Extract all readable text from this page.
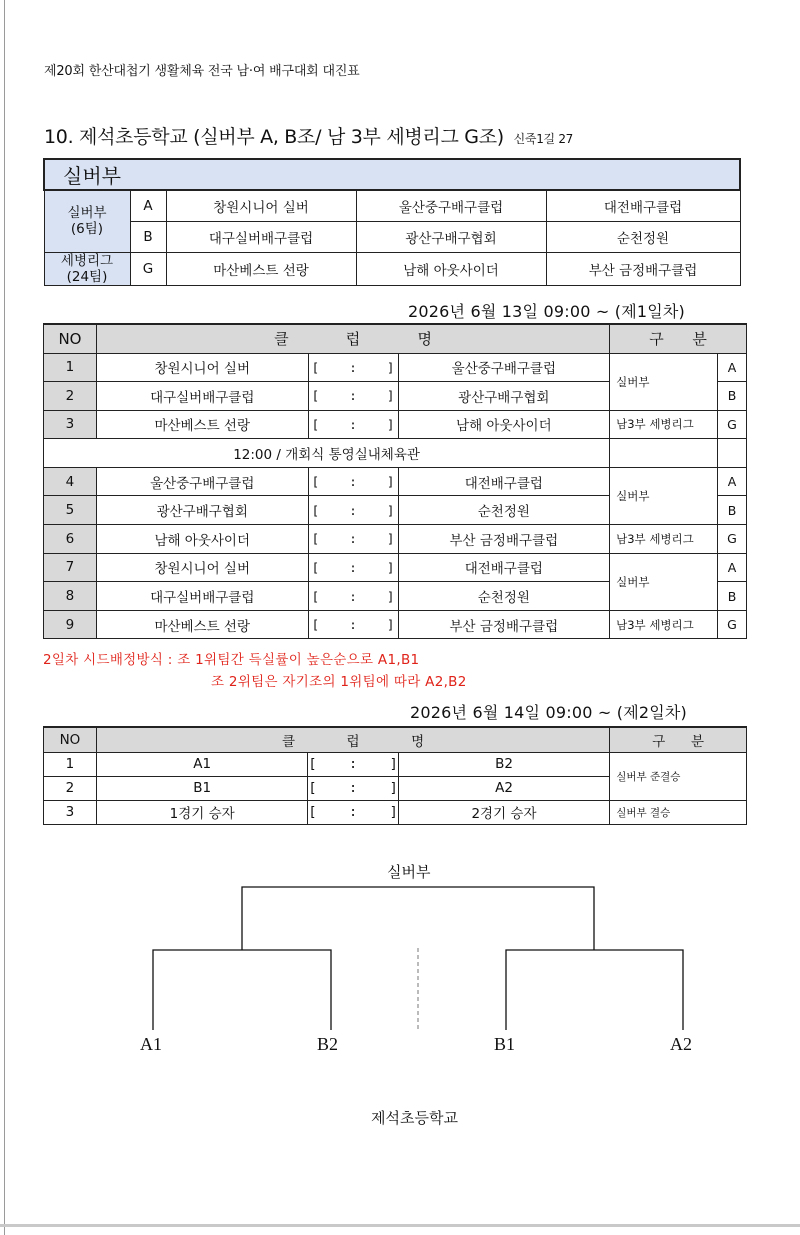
제20회 한산대첩기 생활체육 전국 남·여 배구대회 대진표
10. 제석초등학교 (실버부 A, B조/ 남 3부 세병리그 G조) 신죽1길 27
실버부				

실버부
(6팀)	A	창원시니어 실버	울산중구배구클럽	대전배구클럽
	B	대구실버배구클럽	광산구배구협회	순천정원

세병리그
(24팀)	G	마산베스트 선랑	남해 아웃사이더	부산 금정배구클럽
2026년 6월 13일 09:00 ~ (제1일차)
NO	클            럽            명			구      분	
1	창원시니어 실버	[    :    ]	울산중구배구클럽	실버부	A
2	대구실버배구클럽	[    :    ]	광산구배구협회		B
3	마산베스트 선랑	[    :    ]	남해 아웃사이더	남3부 세병리그	G
12:00 / 개회식 통영실내체육관					
4	울산중구배구클럽	[    :    ]	대전배구클럽	실버부	A
5	광산구배구협회	[    :    ]	순천정원		B
6	남해 아웃사이더	[    :    ]	부산 금정배구클럽	남3부 세병리그	G
7	창원시니어 실버	[    :    ]	대전배구클럽	실버부	A
8	대구실버배구클럽	[    :    ]	순천정원		B
9	마산베스트 선랑	[    :    ]	부산 금정배구클럽	남3부 세병리그	G
2일차 시드배정방식 : 조 1위팀간 득실률이 높은순으로 A1,B1
조 2위팀은 자기조의 1위팀에 따라 A2,B2
2026년 6월 14일 09:00 ~ (제2일차)
NO	클            럽            명			구      분
1	A1	[    :    ]	B2	실버부 준결승
2	B1	[    :    ]	A2	
3	1경기 승자	[    :    ]	2경기 승자	실버부 결승
실버부
A1	B2	B1	A2
제석초등학교
